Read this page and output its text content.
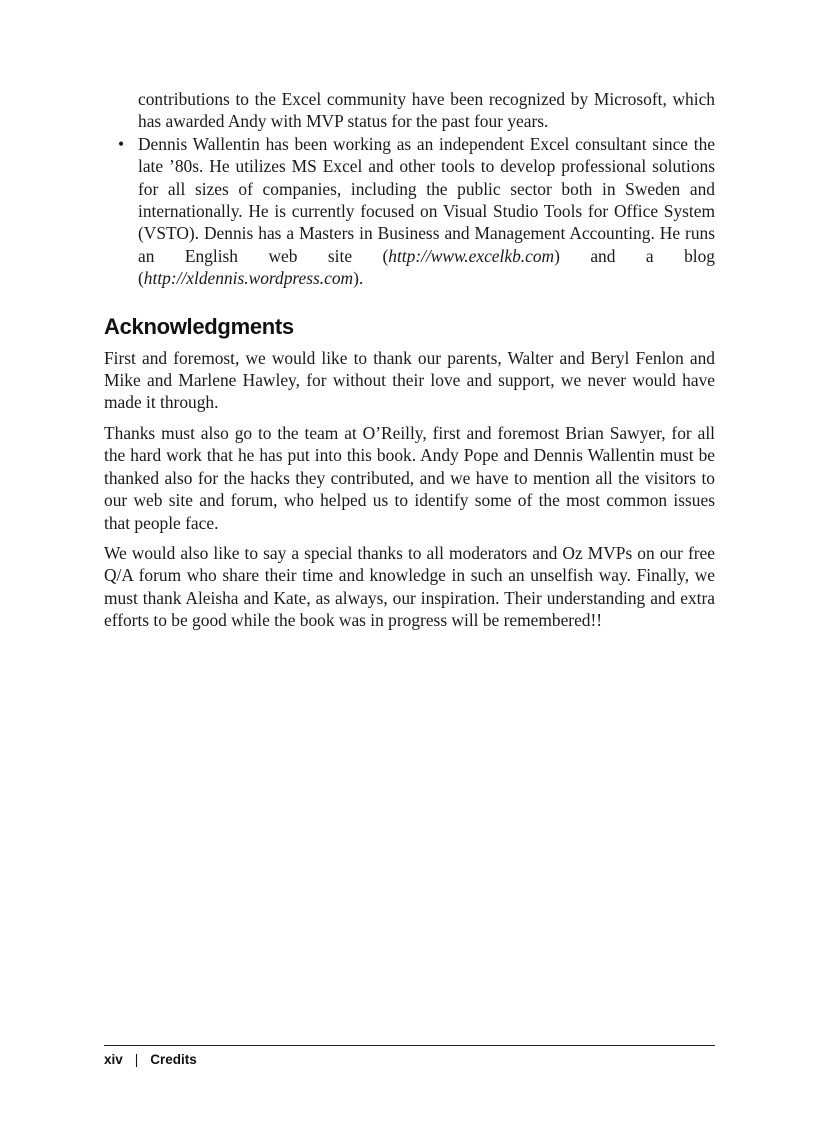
contributions to the Excel community have been recognized by Microsoft, which has awarded Andy with MVP status for the past four years.

• Dennis Wallentin has been working as an independent Excel consultant since the late ’80s. He utilizes MS Excel and other tools to develop professional solutions for all sizes of companies, including the public sector both in Sweden and internationally. He is currently focused on Visual Studio Tools for Office System (VSTO). Dennis has a Masters in Business and Management Accounting. He runs an English web site (http://www.excelkb.com) and a blog (http://xldennis.wordpress.com).

Acknowledgments

First and foremost, we would like to thank our parents, Walter and Beryl Fenlon and Mike and Marlene Hawley, for without their love and support, we never would have made it through.

Thanks must also go to the team at O’Reilly, first and foremost Brian Sawyer, for all the hard work that he has put into this book. Andy Pope and Dennis Wallentin must be thanked also for the hacks they contributed, and we have to mention all the visitors to our web site and forum, who helped us to identify some of the most common issues that people face.

We would also like to say a special thanks to all moderators and Oz MVPs on our free Q/A forum who share their time and knowledge in such an unselfish way. Finally, we must thank Aleisha and Kate, as always, our inspiration. Their understanding and extra efforts to be good while the book was in progress will be remembered!!

xiv | Credits
